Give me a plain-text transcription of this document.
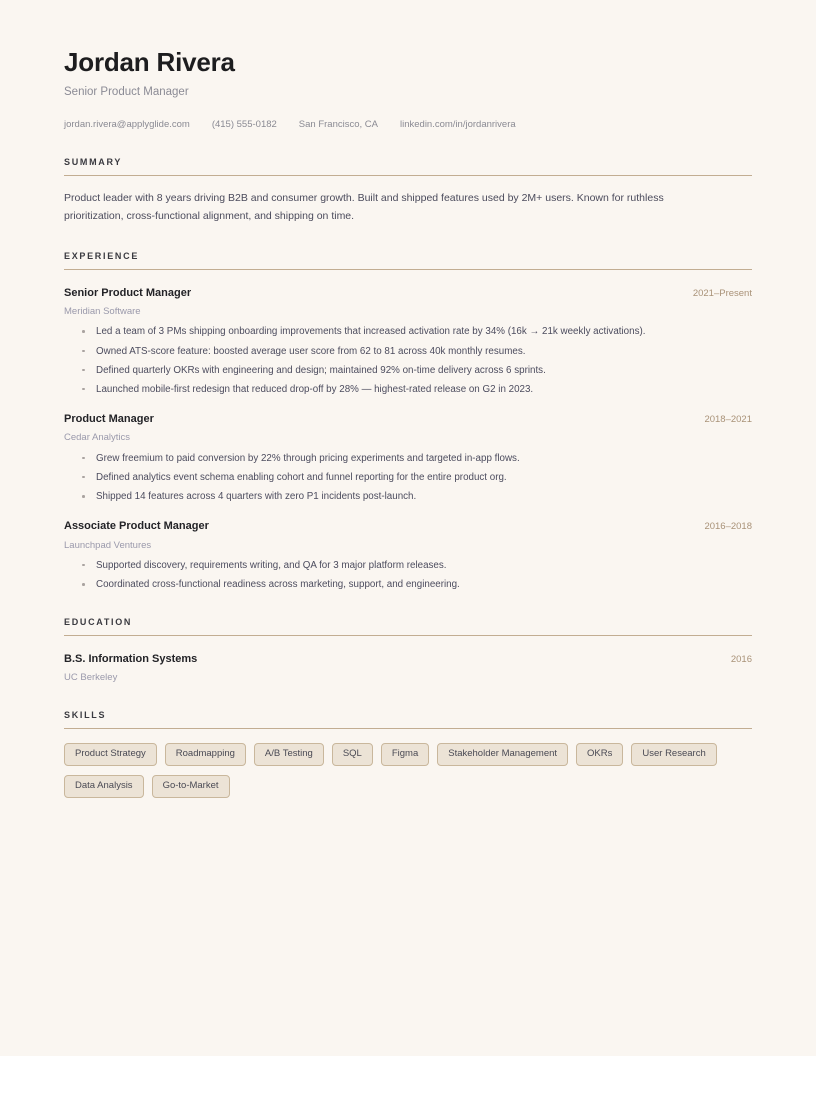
Jordan Rivera
Senior Product Manager
jordan.rivera@applyglide.com (415) 555-0182 San Francisco, CA linkedin.com/in/jordanrivera
SUMMARY
Product leader with 8 years driving B2B and consumer growth. Built and shipped features used by 2M+ users. Known for ruthless prioritization, cross-functional alignment, and shipping on time.
EXPERIENCE
Senior Product Manager	2021–Present
Meridian Software
Led a team of 3 PMs shipping onboarding improvements that increased activation rate by 34% (16k → 21k weekly activations).
Owned ATS-score feature: boosted average user score from 62 to 81 across 40k monthly resumes.
Defined quarterly OKRs with engineering and design; maintained 92% on-time delivery across 6 sprints.
Launched mobile-first redesign that reduced drop-off by 28% — highest-rated release on G2 in 2023.
Product Manager	2018–2021
Cedar Analytics
Grew freemium to paid conversion by 22% through pricing experiments and targeted in-app flows.
Defined analytics event schema enabling cohort and funnel reporting for the entire product org.
Shipped 14 features across 4 quarters with zero P1 incidents post-launch.
Associate Product Manager	2016–2018
Launchpad Ventures
Supported discovery, requirements writing, and QA for 3 major platform releases.
Coordinated cross-functional readiness across marketing, support, and engineering.
EDUCATION
B.S. Information Systems	2016
UC Berkeley
SKILLS
Product Strategy	Roadmapping	A/B Testing	SQL	Figma	Stakeholder Management	OKRs	User Research
Data Analysis	Go-to-Market
